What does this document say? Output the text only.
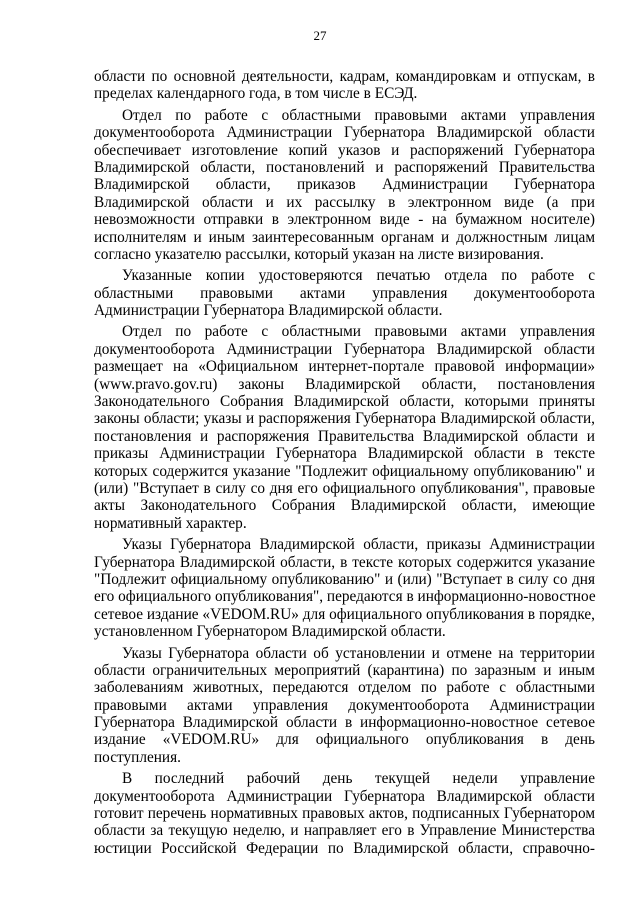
27
области по основной деятельности, кадрам, командировкам и отпускам, в
пределах календарного года, в том числе в ЕСЭД.
Отдел по работе с областными правовыми актами управления
документооборота Администрации Губернатора Владимирской области
обеспечивает изготовление копий указов и распоряжений Губернатора
Владимирской области, постановлений и распоряжений Правительства
Владимирской области, приказов Администрации Губернатора
Владимирской области и их рассылку в электронном виде (а при
невозможности отправки в электронном виде - на бумажном носителе)
исполнителям и иным заинтересованным органам и должностным лицам
согласно указателю рассылки, который указан на листе визирования.
Указанные копии удостоверяются печатью отдела по работе с
областными правовыми актами управления документооборота
Администрации Губернатора Владимирской области.
Отдел по работе с областными правовыми актами управления
документооборота Администрации Губернатора Владимирской области
размещает на «Официальном интернет-портале правовой информации»
(www.pravo.gov.ru) законы Владимирской области, постановления
Законодательного Собрания Владимирской области, которыми приняты
законы области; указы и распоряжения Губернатора Владимирской области,
постановления и распоряжения Правительства Владимирской области и
приказы Администрации Губернатора Владимирской области в тексте
которых содержится указание "Подлежит официальному опубликованию" и
(или) "Вступает в силу со дня его официального опубликования", правовые
акты Законодательного Собрания Владимирской области, имеющие
нормативный характер.
Указы Губернатора Владимирской области, приказы Администрации
Губернатора Владимирской области, в тексте которых содержится указание
"Подлежит официальному опубликованию" и (или) "Вступает в силу со дня
его официального опубликования", передаются в информационно-новостное
сетевое издание «VEDOM.RU» для официального опубликования в порядке,
установленном Губернатором Владимирской области.
Указы Губернатора области об установлении и отмене на территории
области ограничительных мероприятий (карантина) по заразным и иным
заболеваниям животных, передаются отделом по работе с областными
правовыми актами управления документооборота Администрации
Губернатора Владимирской области в информационно-новостное сетевое
издание «VEDOM.RU» для официального опубликования в день
поступления.
В последний рабочий день текущей недели управление
документооборота Администрации Губернатора Владимирской области
готовит перечень нормативных правовых актов, подписанных Губернатором
области за текущую неделю, и направляет его в Управление Министерства
юстиции Российской Федерации по Владимирской области, справочно-
